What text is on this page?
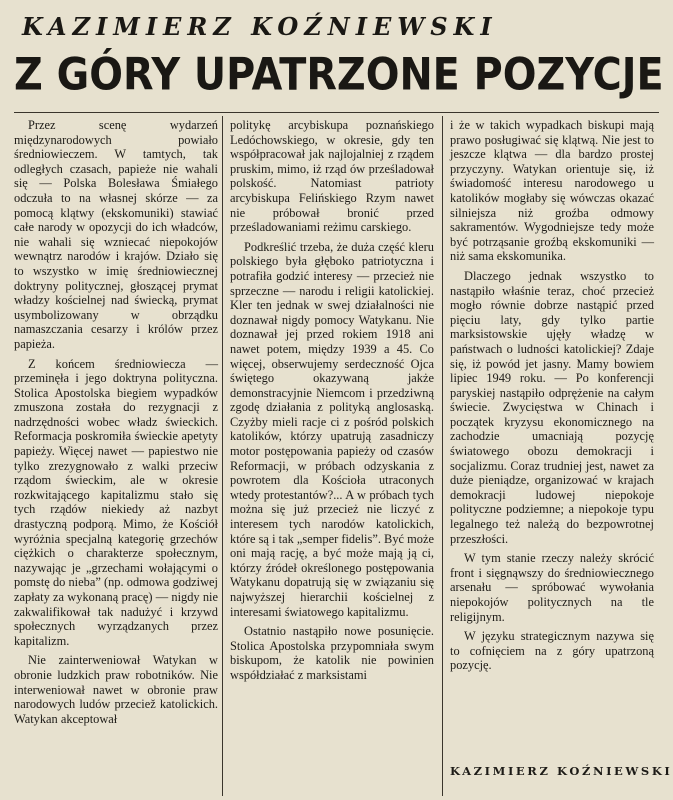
KAZIMIERZ KOŹNIEWSKI
Z GÓRY UPATRZONE POZYCJE

Przez scenę wydarzeń międzynarodowych powiało średniowieczem. W tamtych, tak odległych czasach, papieże nie wahali się — Polska Bolesława Śmiałego odczuła to na własnej skórze — za pomocą klątwy (ekskomuniki) stawiać całe narody w opozycji do ich władców, nie wahali się wzniecać niepokojów wewnątrz narodów i krajów. Działo się to wszystko w imię średniowiecznej doktryny politycznej, głoszącej prymat władzy kościelnej nad świecką, prymat usymbolizowany w obrządku namaszczania cesarzy i królów przez papieża.

Z końcem średniowiecza — przeminęła i jego doktryna polityczna. Stolica Apostolska biegiem wypadków zmuszona została do rezygnacji z nadrzędności wobec władz świeckich. Reformacja poskromiła świeckie apetyty papieży. Więcej nawet — papiestwo nie tylko zrezygnowało z walki przeciw rządom świeckim, ale w okresie rozkwitającego kapitalizmu stało się tych rządów niekiedy aż nazbyt drastyczną podporą. Mimo, że Kościół wyróżnia specjalną kategorię grzechów ciężkich o charakterze społecznym, nazywając je „grzechami wołającymi o pomstę do nieba” (np. odmowa godziwej zapłaty za wykonaną pracę) — nigdy nie zakwalifikował tak nadużyć i krzywd społecznych wyrządzanych przez kapitalizm.

Nie zainterweniował Watykan w obronie ludzkich praw robotników. Nie interweniował nawet w obronie praw narodowych ludów przeciež katolickich. Watykan akceptował

politykę arcybiskupa poznańskiego Ledóchowskiego, w okresie, gdy ten współpracował jak najlojalniej z rządem pruskim, mimo, iż rząd ów prześladował polskość. Natomiast patrioty arcybiskupa Felińskiego Rzym nawet nie próbował bronić przed prześladowaniami reżimu carskiego.

Podkreślić trzeba, że duża część kleru polskiego była głęboko patriotyczna i potrafiła godzić interesy — przecież nie sprzeczne — narodu i religii katolickiej. Kler ten jednak w swej działalności nie doznawał nigdy pomocy Watykanu. Nie doznawał jej przed rokiem 1918 ani nawet potem, między 1939 a 45. Co więcej, obserwujemy serdeczność Ojca świętego okazywaną jakże demonstracyjnie Niemcom i przedziwną zgodę działania z polityką anglosaską. Czyżby mieli racje ci z pośród polskich katolików, którzy upatrują zasadniczy motor postępowania papieży od czasów Reformacji, w próbach odzyskania z powrotem dla Kościoła utraconych wtedy protestantów?... A w próbach tych można się już przecież nie liczyć z interesem tych narodów katolickich, które są i tak „semper fidelis”. Być może oni mają rację, a być może mają ją ci, którzy źródeł określonego postępowania Watykanu dopatrują się w związaniu się najwyższej hierarchii kościelnej z interesami światowego kapitalizmu.

Ostatnio nastąpiło nowe posunięcie. Stolica Apostolska przypomniała swym biskupom, że katolik nie powinien współdziałać z marksistami

i że w takich wypadkach biskupi mają prawo posługiwać się klątwą. Nie jest to jeszcze klątwa — dla bardzo prostej przyczyny. Watykan orientuje się, iż świadomość interesu narodowego u katolików mogłaby się wówczas okazać silniejsza niż groźba odmowy sakramentów. Wygodniejsze tedy może być potrząsanie groźbą ekskomuniki — niż sama ekskomunika.

Dlaczego jednak wszystko to nastąpiło właśnie teraz, choć przecież mogło równie dobrze nastąpić przed pięciu laty, gdy tylko partie marksistowskie ujęły władzę w państwach o ludności katolickiej? Zdaje się, iż powód jet jasny. Mamy bowiem lipiec 1949 roku. — Po konferencji paryskiej nastąpiło odprężenie na całym świecie. Zwycięstwa w Chinach i początek kryzysu ekonomicznego na zachodzie umacniają pozycję światowego obozu demokracji i socjalizmu. Coraz trudniej jest, nawet za duże pieniądze, organizować w krajach demokracji ludowej niepokoje polityczne podziemne; a niepokoje typu legalnego też należą do bezpowrotnej przeszłości.

W tym stanie rzeczy należy skrócić front i sięgnąwszy do średniowiecznego arsenału — spróbować wywołania niepokojów politycznych na tle religijnym.

W języku strategicznym nazywa się to cofnięciem na z góry upatrzoną pozycję.

KAZIMIERZ KOŹNIEWSKI
